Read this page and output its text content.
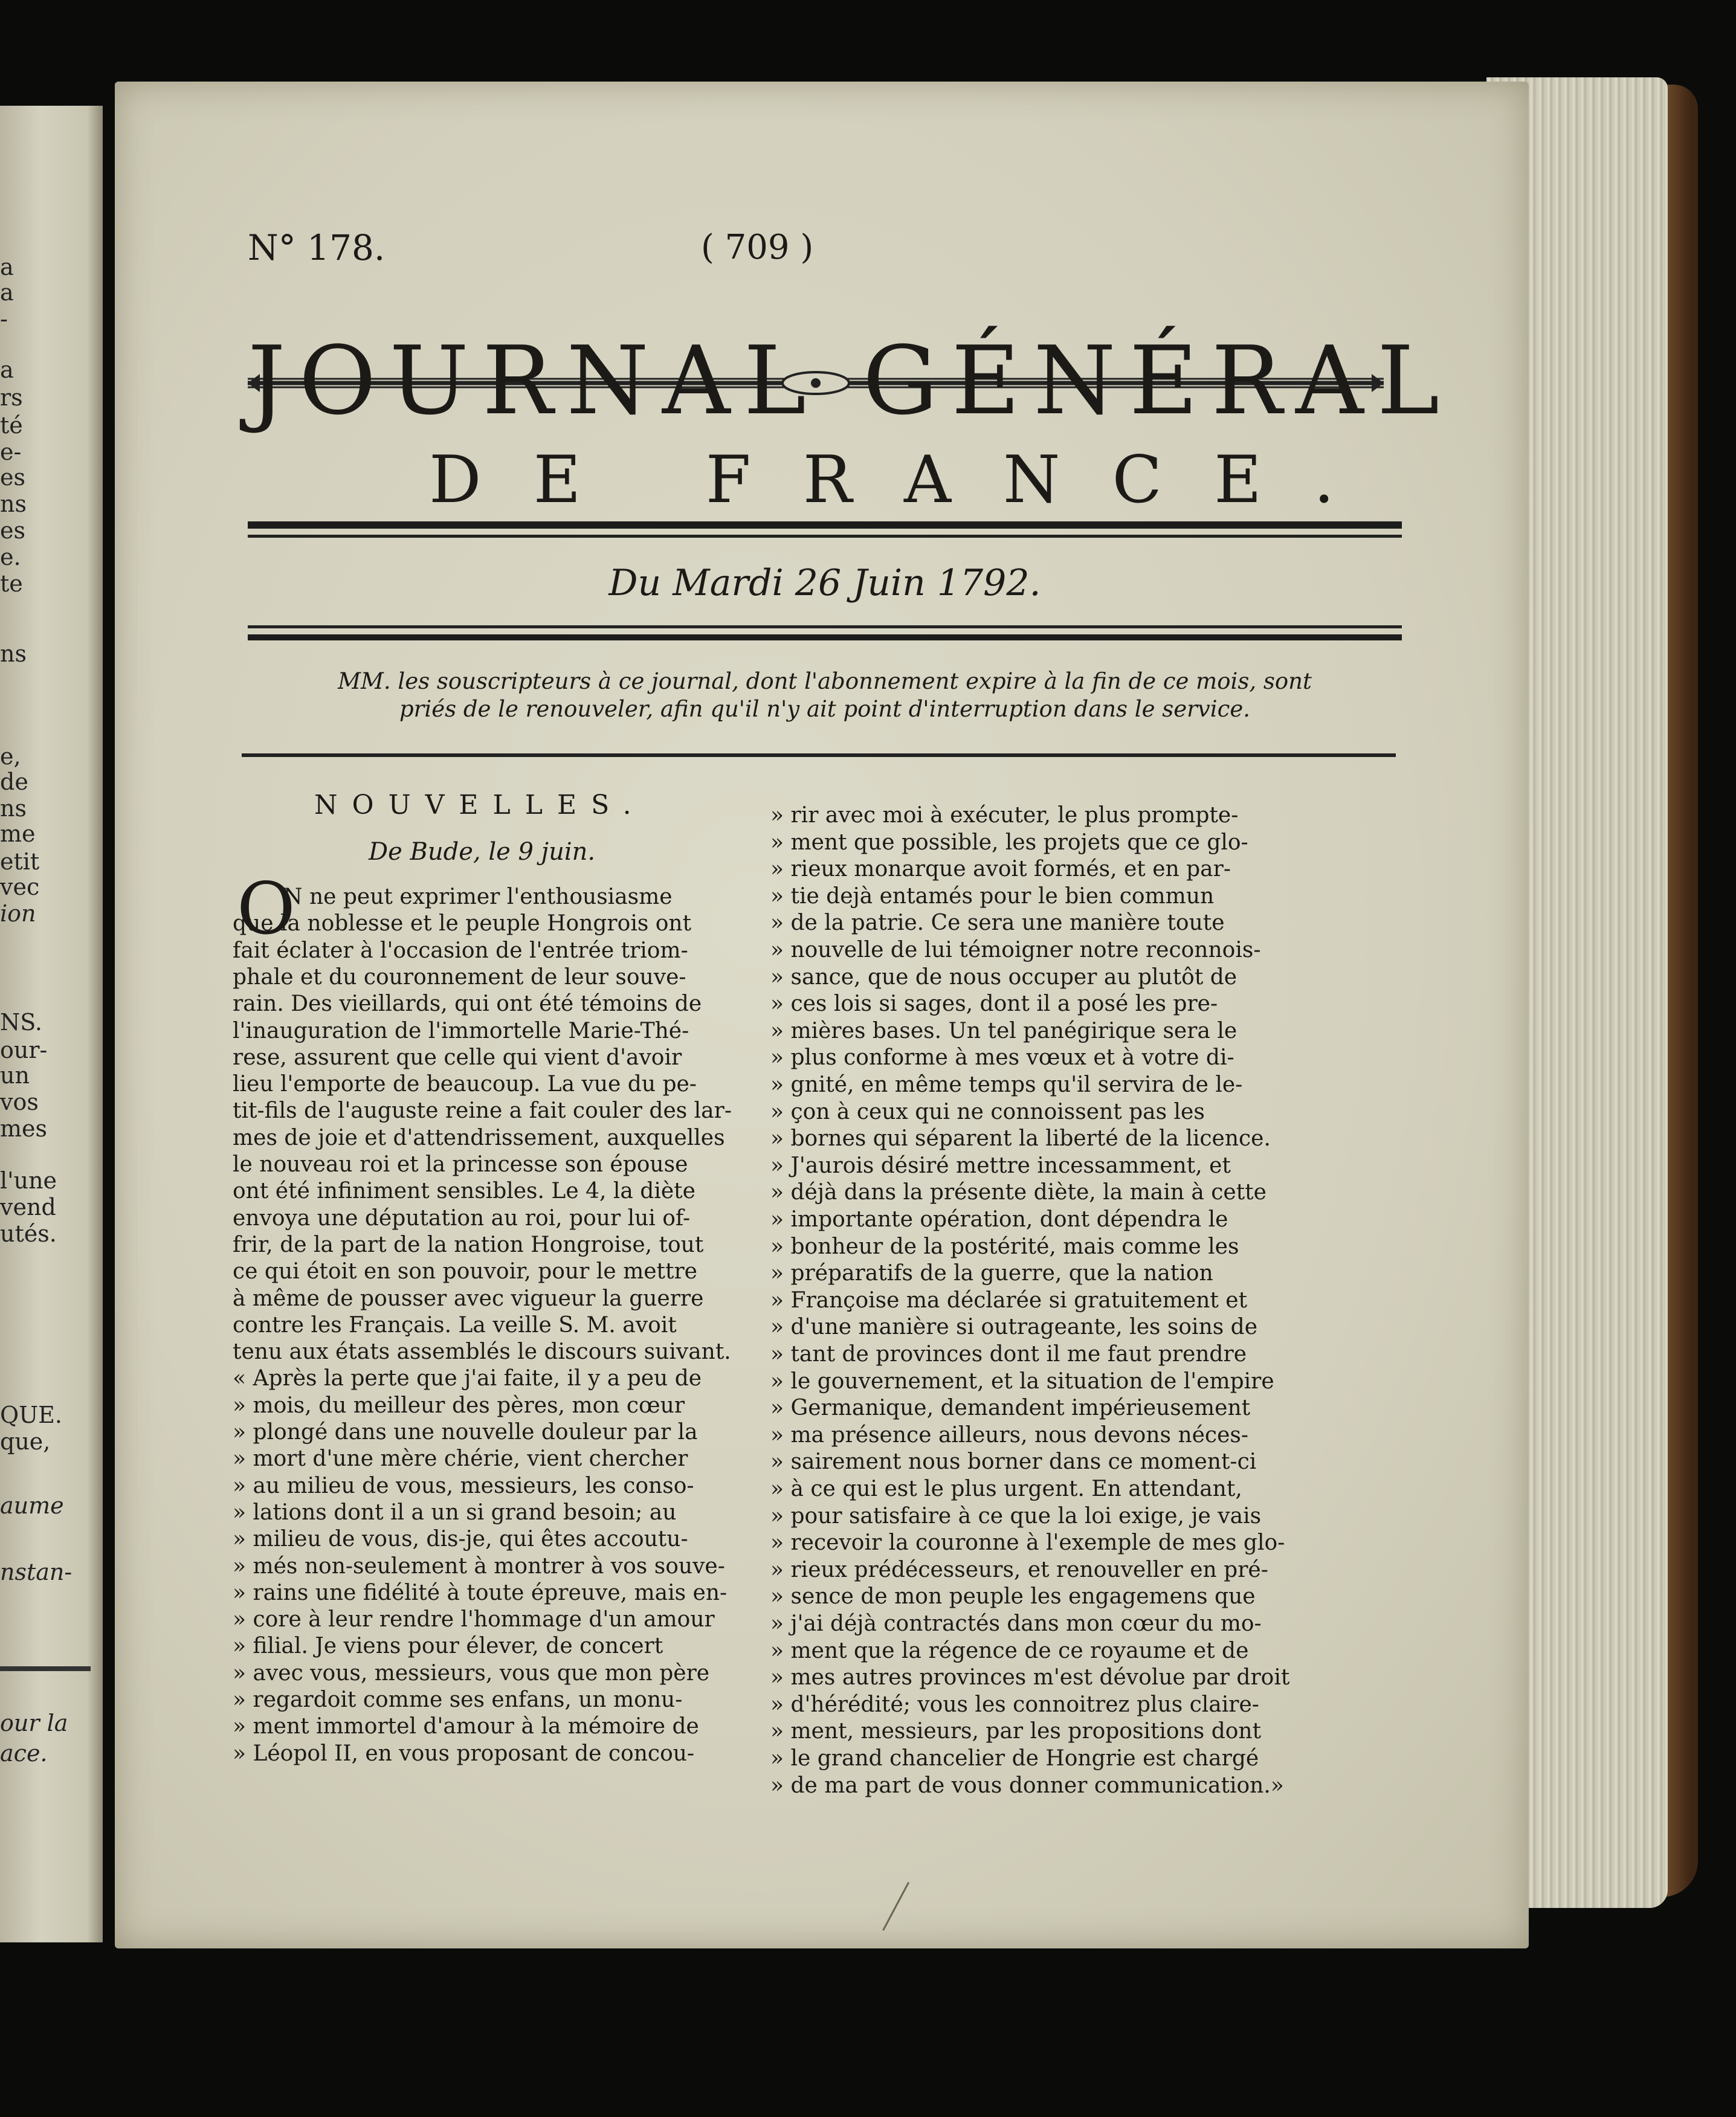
a
a
-
a
rs
té
e-
es
ns
es
e.
te
ns
e,
de
ns
me
etit
vec
ion
NS.
our-
un
vos
mes
l'une
vend
utés.
QUE.
que,
aume
nstan-
our la
ace.
N° 178.	( 709 )
JOURNAL GÉNÉRAL
DE FRANCE.
Du Mardi 26 Juin 1792.
MM. les souscripteurs à ce journal, dont l'abonnement expire à la fin de ce mois, sont
priés de le renouveler, afin qu'il n'y ait point d'interruption dans le service.
NOUVELLES.
De Bude, le 9 juin.
O
N ne peut exprimer l'enthousiasme
que la noblesse et le peuple Hongrois ont
fait éclater à l'occasion de l'entrée triom-
phale et du couronnement de leur souve-
rain. Des vieillards, qui ont été témoins de
l'inauguration de l'immortelle Marie-Thé-
rese, assurent que celle qui vient d'avoir
lieu l'emporte de beaucoup. La vue du pe-
tit-fils de l'auguste reine a fait couler des lar-
mes de joie et d'attendrissement, auxquelles
le nouveau roi et la princesse son épouse
ont été infiniment sensibles. Le 4, la diète
envoya une députation au roi, pour lui of-
frir, de la part de la nation Hongroise, tout
ce qui étoit en son pouvoir, pour le mettre
à même de pousser avec vigueur la guerre
contre les Français. La veille S. M. avoit
tenu aux états assemblés le discours suivant.
« Après la perte que j'ai faite, il y a peu de
» mois, du meilleur des pères, mon cœur
» plongé dans une nouvelle douleur par la
» mort d'une mère chérie, vient chercher
» au milieu de vous, messieurs, les conso-
» lations dont il a un si grand besoin; au
» milieu de vous, dis-je, qui êtes accoutu-
» més non-seulement à montrer à vos souve-
» rains une fidélité à toute épreuve, mais en-
» core à leur rendre l'hommage d'un amour
» filial. Je viens pour élever, de concert
» avec vous, messieurs, vous que mon père
» regardoit comme ses enfans, un monu-
» ment immortel d'amour à la mémoire de
» Léopol II, en vous proposant de concou-
» rir avec moi à exécuter, le plus prompte-
» ment que possible, les projets que ce glo-
» rieux monarque avoit formés, et en par-
» tie dejà entamés pour le bien commun
» de la patrie. Ce sera une manière toute
» nouvelle de lui témoigner notre reconnois-
» sance, que de nous occuper au plutôt de
» ces lois si sages, dont il a posé les pre-
» mières bases. Un tel panégirique sera le
» plus conforme à mes vœux et à votre di-
» gnité, en même temps qu'il servira de le-
» çon à ceux qui ne connoissent pas les
» bornes qui séparent la liberté de la licence.
» J'aurois désiré mettre incessamment, et
» déjà dans la présente diète, la main à cette
» importante opération, dont dépendra le
» bonheur de la postérité, mais comme les
» préparatifs de la guerre, que la nation
» Françoise ma déclarée si gratuitement et
» d'une manière si outrageante, les soins de
» tant de provinces dont il me faut prendre
» le gouvernement, et la situation de l'empire
» Germanique, demandent impérieusement
» ma présence ailleurs, nous devons néces-
» sairement nous borner dans ce moment-ci
» à ce qui est le plus urgent. En attendant,
» pour satisfaire à ce que la loi exige, je vais
» recevoir la couronne à l'exemple de mes glo-
» rieux prédécesseurs, et renouveller en pré-
» sence de mon peuple les engagemens que
» j'ai déjà contractés dans mon cœur du mo-
» ment que la régence de ce royaume et de
» mes autres provinces m'est dévolue par droit
» d'hérédité; vous les connoitrez plus claire-
» ment, messieurs, par les propositions dont
» le grand chancelier de Hongrie est chargé
» de ma part de vous donner communication.»
